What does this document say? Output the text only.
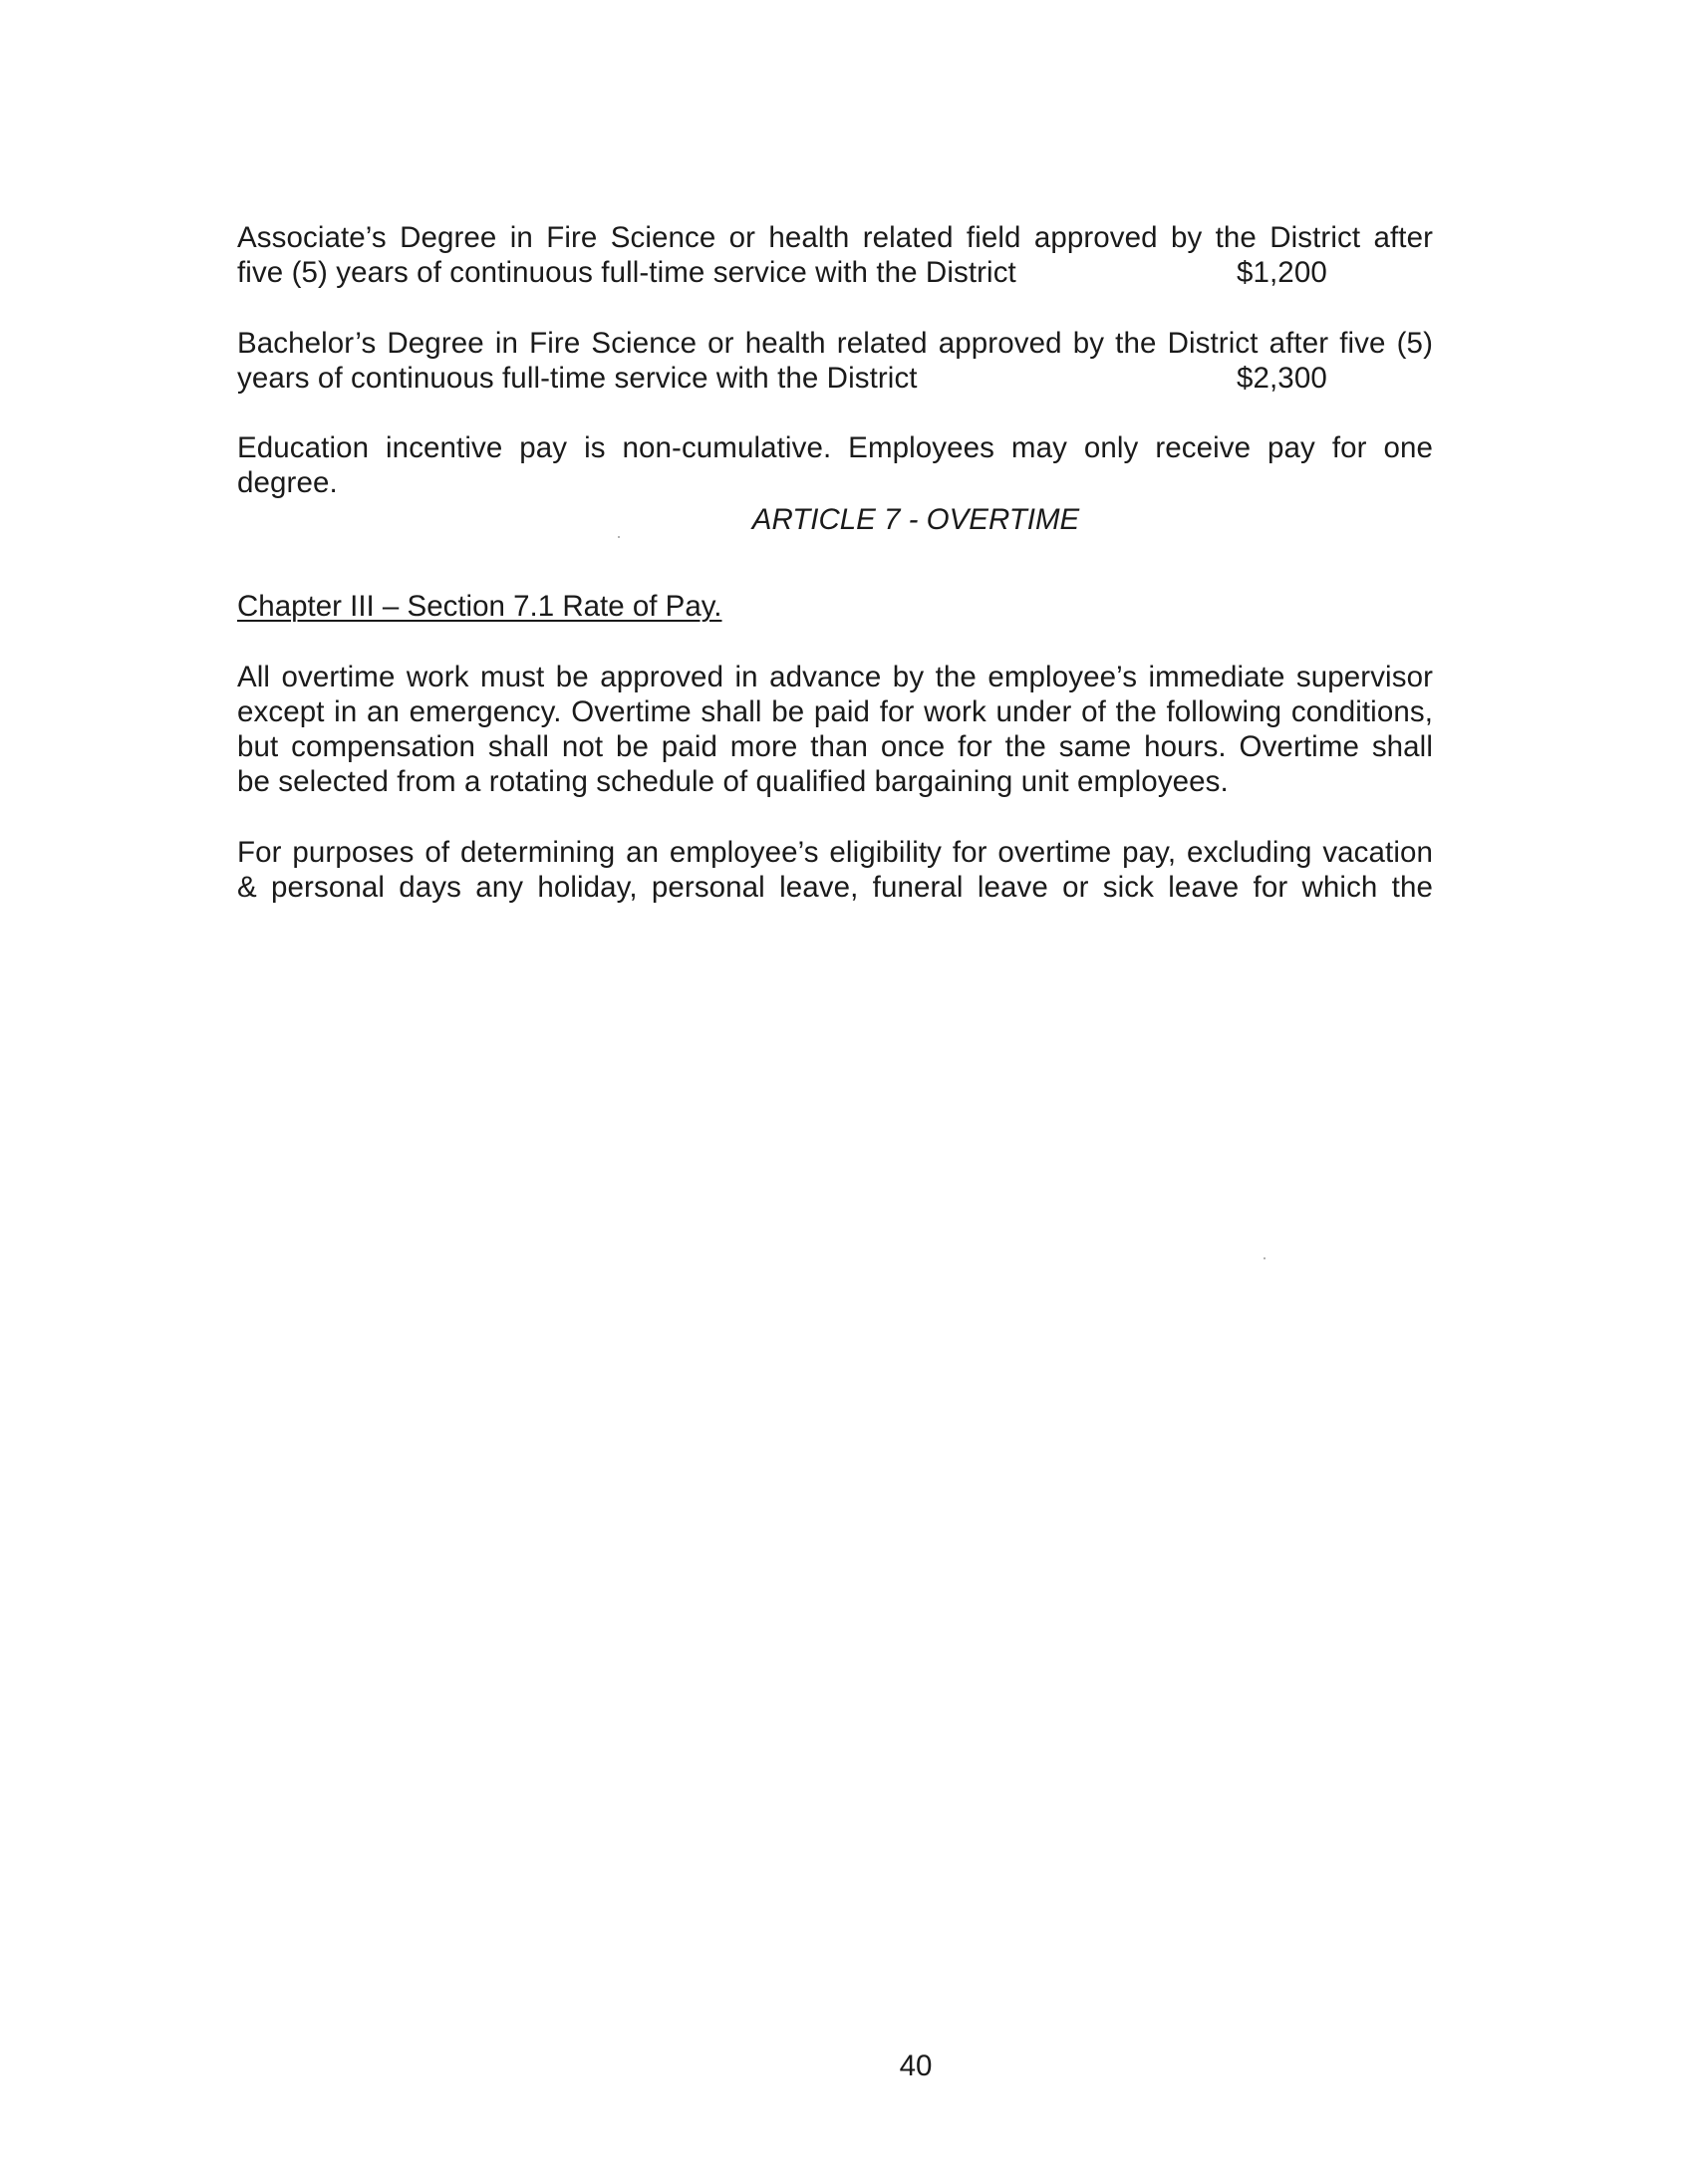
Associate’s Degree in Fire Science or health related field approved by the District after
five (5) years of continuous full-time service with the District	$1,200
Bachelor’s Degree in Fire Science or health related approved by the District after five (5)
years of continuous full-time service with the District	$2,300
Education incentive pay is non-cumulative. Employees may only receive pay for one
degree.
ARTICLE 7 - OVERTIME
Chapter III – Section 7.1 Rate of Pay.
All overtime work must be approved in advance by the employee’s immediate supervisor
except in an emergency. Overtime shall be paid for work under of the following conditions,
but compensation shall not be paid more than once for the same hours. Overtime shall
be selected from a rotating schedule of qualified bargaining unit employees.
For purposes of determining an employee’s eligibility for overtime pay, excluding vacation
& personal days any holiday, personal leave, funeral leave or sick leave for which the
40
